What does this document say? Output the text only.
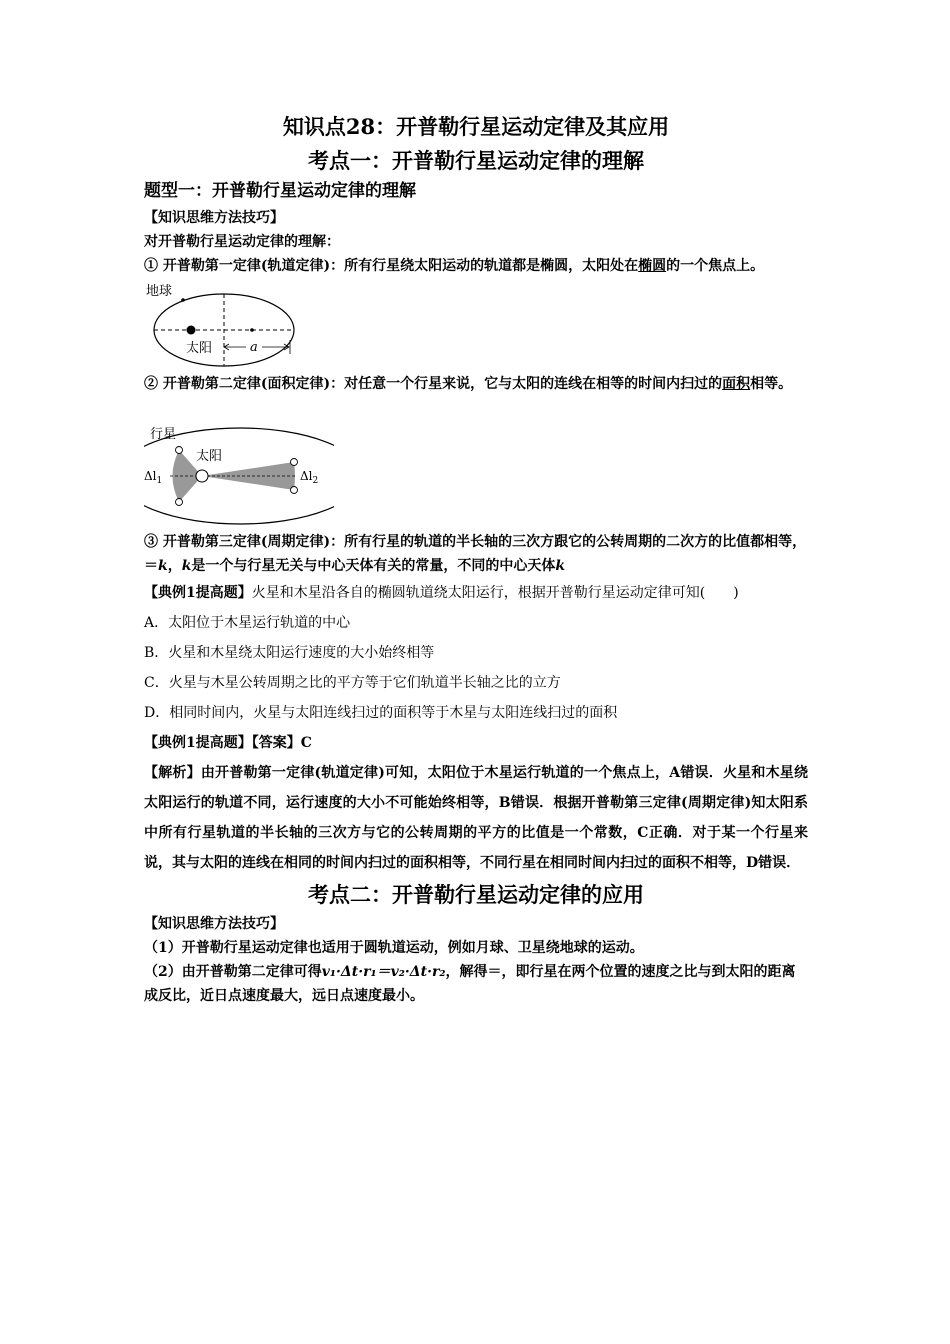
知识点28：开普勒行星运动定律及其应用
考点一：开普勒行星运动定律的理解
题型一：开普勒行星运动定律的理解
【知识思维方法技巧】
对开普勒行星运动定律的理解：
① 开普勒第一定律(轨道定律)：所有行星绕太阳运动的轨道都是椭圆，太阳处在椭圆的一个焦点上。
地球
太阳	a
② 开普勒第二定律(面积定律)：对任意一个行星来说，它与太阳的连线在相等的时间内扫过的面积相等。
行星
太阳
$\Delta l_1$	$\Delta l_2$
③ 开普勒第三定律(周期定律)：所有行星的轨道的半长轴的三次方跟它的公转周期的二次方的比值都相等，＝k，k是一个与行星无关与中心天体有关的常量，不同的中心天体k
【典例1提高题】火星和木星沿各自的椭圆轨道绕太阳运行，根据开普勒行星运动定律可知(　　)
A．太阳位于木星运行轨道的中心
B．火星和木星绕太阳运行速度的大小始终相等
C．火星与木星公转周期之比的平方等于它们轨道半长轴之比的立方
D．相同时间内，火星与太阳连线扫过的面积等于木星与太阳连线扫过的面积
【典例1提高题】【答案】C
【解析】由开普勒第一定律(轨道定律)可知，太阳位于木星运行轨道的一个焦点上，A错误．火星和木星绕太阳运行的轨道不同，运行速度的大小不可能始终相等，B错误．根据开普勒第三定律(周期定律)知太阳系中所有行星轨道的半长轴的三次方与它的公转周期的平方的比值是一个常数，C正确．对于某一个行星来说，其与太阳的连线在相同的时间内扫过的面积相等，不同行星在相同时间内扫过的面积不相等，D错误．
考点二：开普勒行星运动定律的应用
【知识思维方法技巧】
（1）开普勒行星运动定律也适用于圆轨道运动，例如月球、卫星绕地球的运动。
（2）由开普勒第二定律可得v₁·Δt·r₁＝v₂·Δt·r₂，解得＝，即行星在两个位置的速度之比与到太阳的距离成反比，近日点速度最大，远日点速度最小。
